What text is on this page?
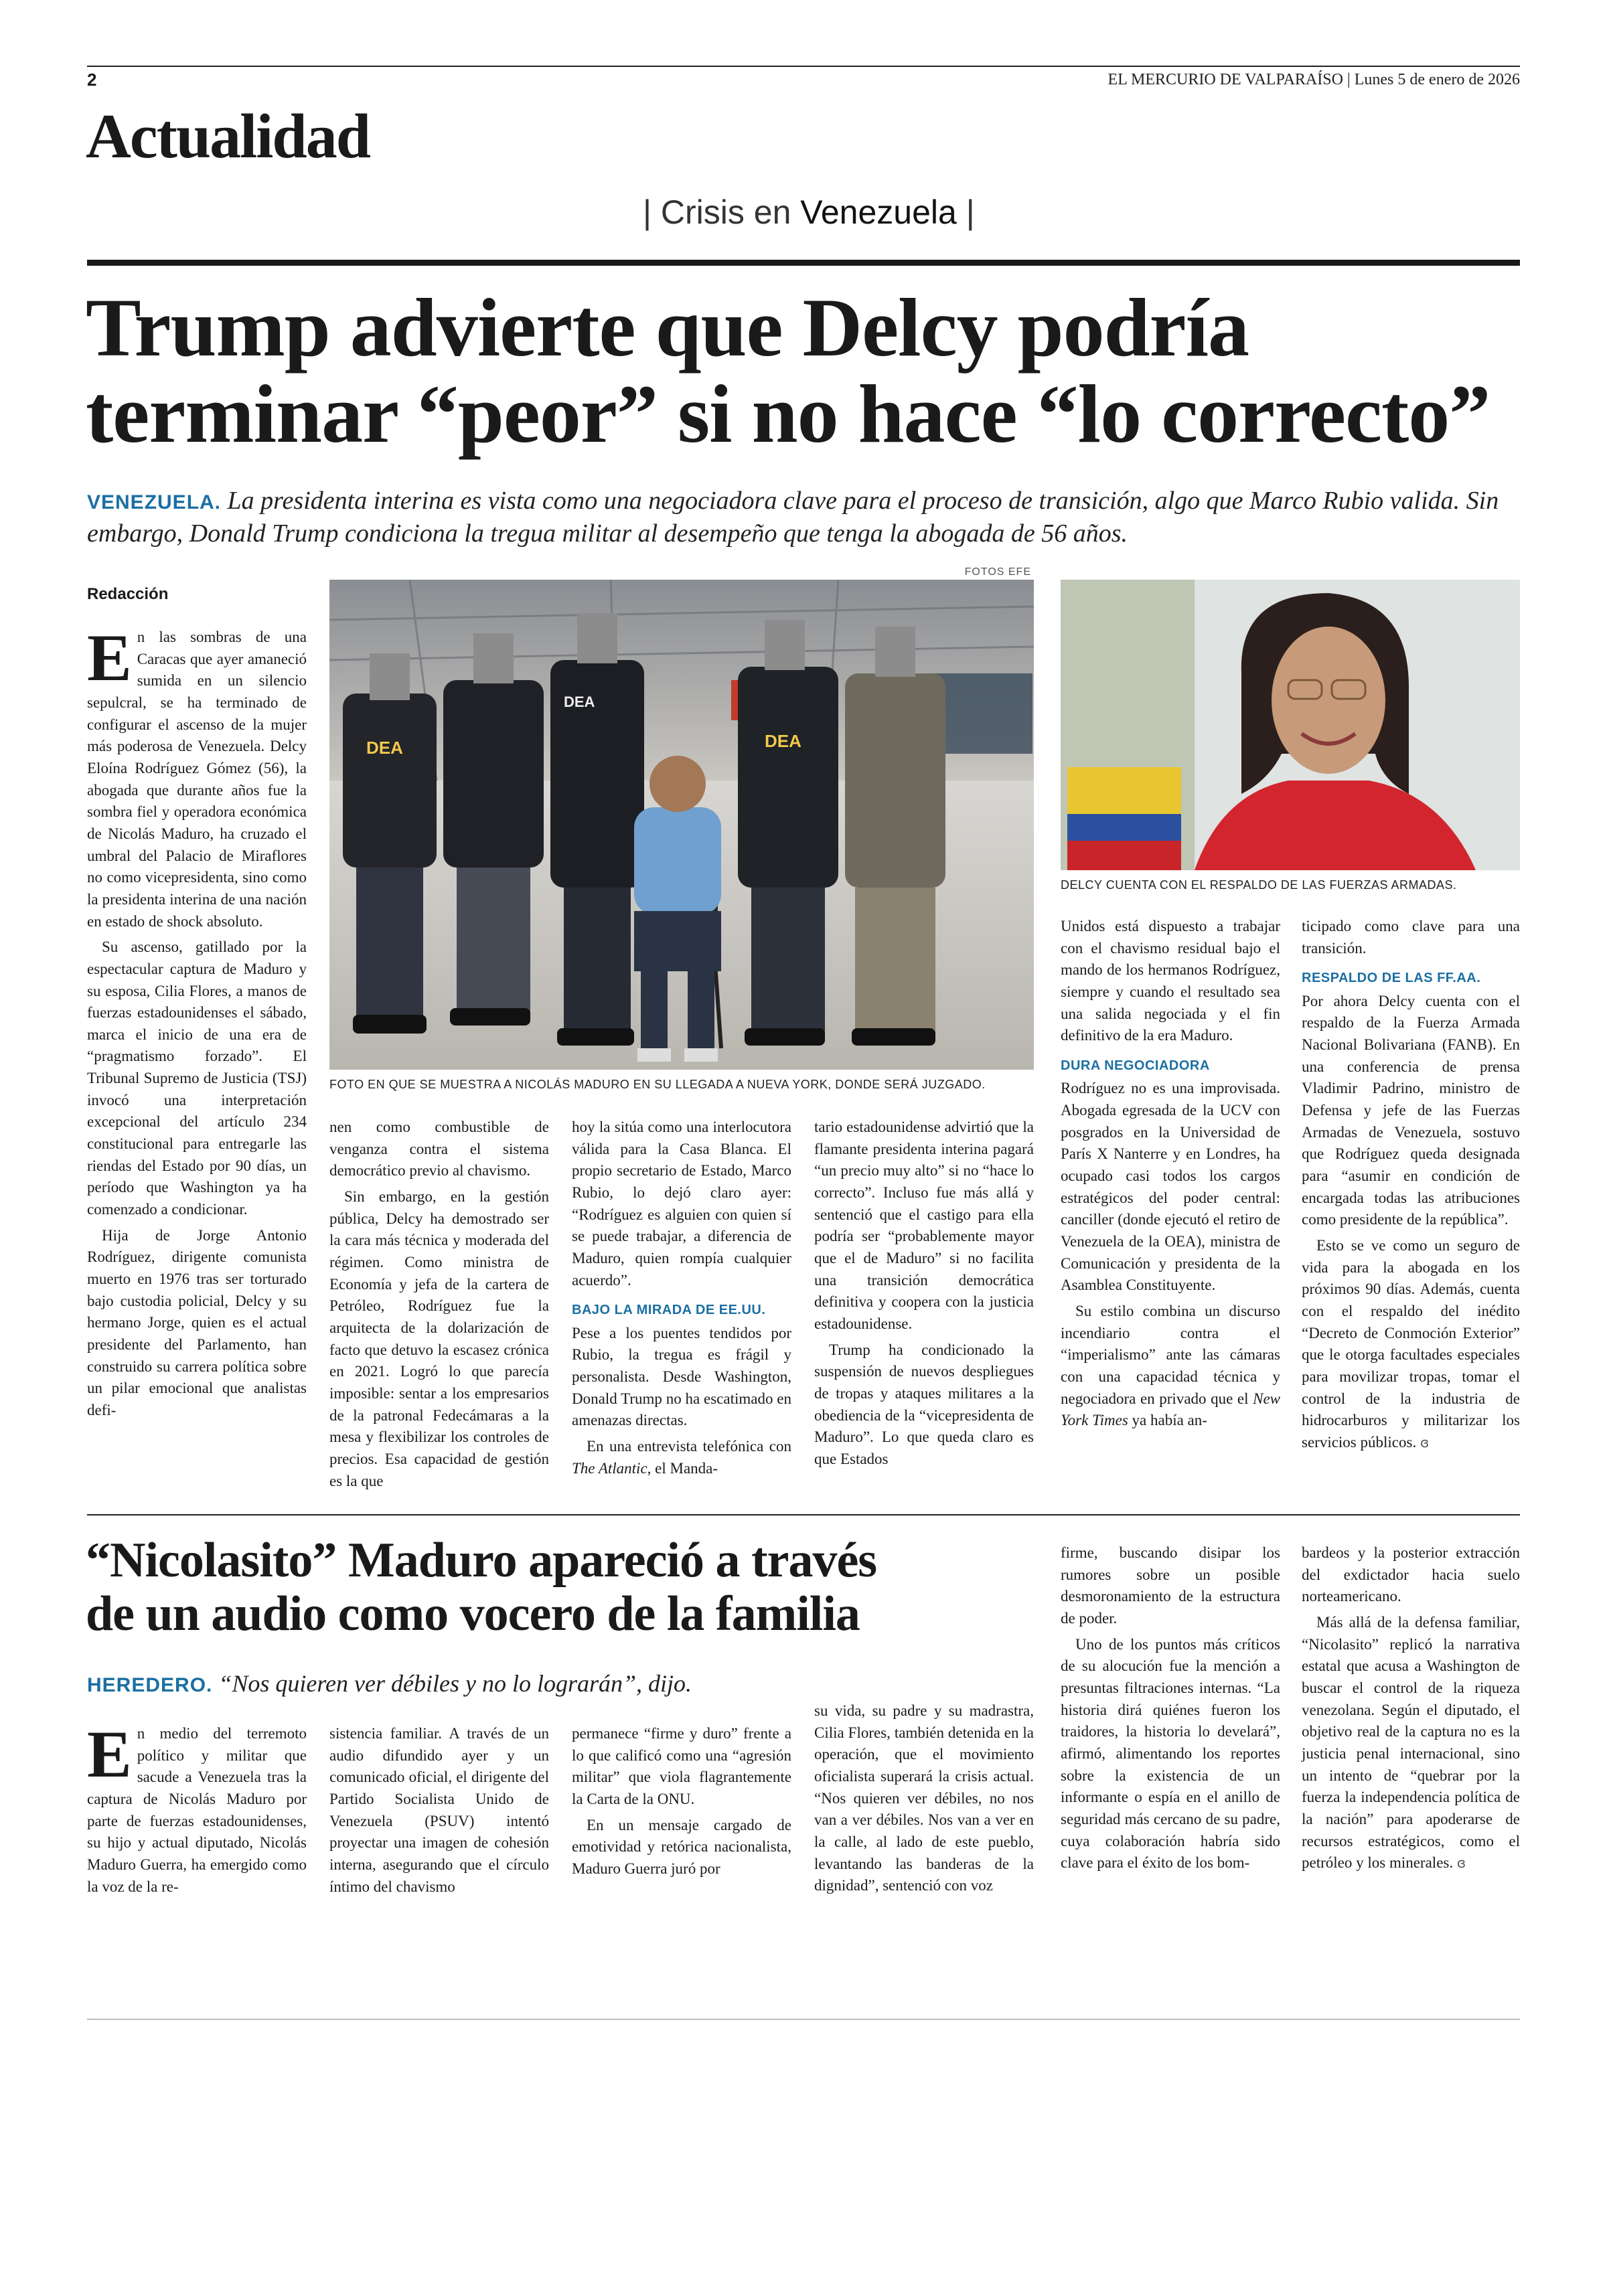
2	EL MERCURIO DE VALPARAÍSO | Lunes 5 de enero de 2026
Actualidad
| Crisis en Venezuela |
Trump advierte que Delcy podría
terminar “peor” si no hace “lo correcto”
VENEZUELA. La presidenta interina es vista como una negociadora clave para el proceso de transición, algo que Marco Rubio valida. Sin embargo, Donald Trump condiciona la tregua militar al desempeño que tenga la abogada de 56 años.
Redacción
FOTOS EFE
DEA
DEA
DEA
FOTO EN QUE SE MUESTRA A NICOLÁS MADURO EN SU LLEGADA A NUEVA YORK, DONDE SERÁ JUZGADO.
DELCY CUENTA CON EL RESPALDO DE LAS FUERZAS ARMADAS.

En las sombras de una Caracas que ayer amaneció sumida en un silencio sepulcral, se ha terminado de configurar el ascenso de la mujer más poderosa de Venezuela. Delcy Eloína Rodríguez Gómez (56), la abogada que durante años fue la sombra fiel y operadora económica de Nicolás Maduro, ha cruzado el umbral del Palacio de Miraflores no como vicepresidenta, sino como la presidenta interina de una nación en estado de shock absoluto.

Su ascenso, gatillado por la espectacular captura de Maduro y su esposa, Cilia Flores, a manos de fuerzas estadounidenses el sábado, marca el inicio de una era de “pragmatismo forzado”. El Tribunal Supremo de Justicia (TSJ) invocó una interpretación excepcional del artículo 234 constitucional para entregarle las riendas del Estado por 90 días, un período que Washington ya ha comenzado a condicionar.

Hija de Jorge Antonio Rodríguez, dirigente comunista muerto en 1976 tras ser torturado bajo custodia policial, Delcy y su hermano Jorge, quien es el actual presidente del Parlamento, han construido su carrera política sobre un pilar emocional que analistas defi-

nen como combustible de venganza contra el sistema democrático previo al chavismo.

Sin embargo, en la gestión pública, Delcy ha demostrado ser la cara más técnica y moderada del régimen. Como ministra de Economía y jefa de la cartera de Petróleo, Rodríguez fue la arquitecta de la dolarización de facto que detuvo la escasez crónica en 2021. Logró lo que parecía imposible: sentar a los empresarios de la patronal Fedecámaras a la mesa y flexibilizar los controles de precios. Esa capacidad de gestión es la que

hoy la sitúa como una interlocutora válida para la Casa Blanca. El propio secretario de Estado, Marco Rubio, lo dejó claro ayer: “Rodríguez es alguien con quien sí se puede trabajar, a diferencia de Maduro, quien rompía cualquier acuerdo”.

BAJO LA MIRADA DE EE.UU.

Pese a los puentes tendidos por Rubio, la tregua es frágil y personalista. Desde Washington, Donald Trump no ha escatimado en amenazas directas.

En una entrevista telefónica con The Atlantic, el Manda-

tario estadounidense advirtió que la flamante presidenta interina pagará “un precio muy alto” si no “hace lo correcto”. Incluso fue más allá y sentenció que el castigo para ella podría ser “probablemente mayor que el de Maduro” si no facilita una transición democrática definitiva y coopera con la justicia estadounidense.

Trump ha condicionado la suspensión de nuevos despliegues de tropas y ataques militares a la obediencia de la “vicepresidenta de Maduro”. Lo que queda claro es que Estados

Unidos está dispuesto a trabajar con el chavismo residual bajo el mando de los hermanos Rodríguez, siempre y cuando el resultado sea una salida negociada y el fin definitivo de la era Maduro.

DURA NEGOCIADORA

Rodríguez no es una improvisada. Abogada egresada de la UCV con posgrados en la Universidad de París X Nanterre y en Londres, ha ocupado casi todos los cargos estratégicos del poder central: canciller (donde ejecutó el retiro de Venezuela de la OEA), ministra de Comunicación y presidenta de la Asamblea Constituyente.

Su estilo combina un discurso incendiario contra el “imperialismo” ante las cámaras con una capacidad técnica y negociadora en privado que el New York Times ya había an-

ticipado como clave para una transición.

RESPALDO DE LAS FF.AA.

Por ahora Delcy cuenta con el respaldo de la Fuerza Armada Nacional Bolivariana (FANB). En una conferencia de prensa Vladimir Padrino, ministro de Defensa y jefe de las Fuerzas Armadas de Venezuela, sostuvo que Rodríguez queda designada para “asumir en condición de encargada todas las atribuciones como presidente de la república”.

Esto se ve como un seguro de vida para la abogada en los próximos 90 días. Además, cuenta con el respaldo del inédito “Decreto de Conmoción Exterior” que le otorga facultades especiales para movilizar tropas, tomar el control de la industria de hidrocarburos y militarizar los servicios públicos. ɞ

“Nicolasito” Maduro apareció a través
de un audio como vocero de la familia
HEREDERO. “Nos quieren ver débiles y no lo lograrán”, dijo.

En medio del terremoto político y militar que sacude a Venezuela tras la captura de Nicolás Maduro por parte de fuerzas estadounidenses, su hijo y actual diputado, Nicolás Maduro Guerra, ha emergido como la voz de la re-

sistencia familiar. A través de un audio difundido ayer y un comunicado oficial, el dirigente del Partido Socialista Unido de Venezuela (PSUV) intentó proyectar una imagen de cohesión interna, asegurando que el círculo íntimo del chavismo

permanece “firme y duro” frente a lo que calificó como una “agresión militar” que viola flagrantemente la Carta de la ONU.

En un mensaje cargado de emotividad y retórica nacionalista, Maduro Guerra juró por

su vida, su padre y su madrastra, Cilia Flores, también detenida en la operación, que el movimiento oficialista superará la crisis actual. “Nos quieren ver débiles, no nos van a ver débiles. Nos van a ver en la calle, al lado de este pueblo, levantando las banderas de la dignidad”, sentenció con voz

firme, buscando disipar los rumores sobre un posible desmoronamiento de la estructura de poder.

Uno de los puntos más críticos de su alocución fue la mención a presuntas filtraciones internas. “La historia dirá quiénes fueron los traidores, la historia lo develará”, afirmó, alimentando los reportes sobre la existencia de un informante o espía en el anillo de seguridad más cercano de su padre, cuya colaboración habría sido clave para el éxito de los bom-

bardeos y la posterior extracción del exdictador hacia suelo norteamericano.

Más allá de la defensa familiar, “Nicolasito” replicó la narrativa estatal que acusa a Washington de buscar el control de la riqueza venezolana. Según el diputado, el objetivo real de la captura no es la justicia penal internacional, sino un intento de “quebrar por la fuerza la independencia política de la nación” para apoderarse de recursos estratégicos, como el petróleo y los minerales. ɞ
